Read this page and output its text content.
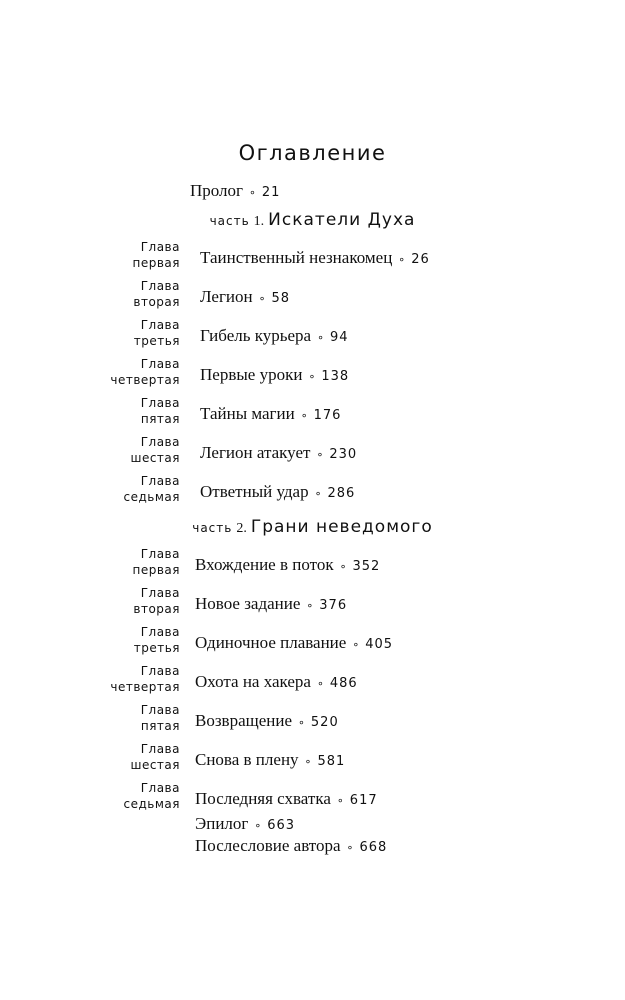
Оглавление
Пролог ∘ 21
часть 1. Искатели Духа
Глава
первая Таинственный незнакомец ∘ 26
Глава
вторая Легион ∘ 58
Глава
третья Гибель курьера ∘ 94
Глава
четвертая Первые уроки ∘ 138
Глава
пятая Тайны магии ∘ 176
Глава
шестая Легион атакует ∘ 230
Глава
седьмая Ответный удар ∘ 286
часть 2. Грани неведомого
Глава
первая Вхождение в поток ∘ 352
Глава
вторая Новое задание ∘ 376
Глава
третья Одиночное плавание ∘ 405
Глава
четвертая Охота на хакера ∘ 486
Глава
пятая Возвращение ∘ 520
Глава
шестая Снова в плену ∘ 581
Глава
седьмая Последняя схватка ∘ 617
Эпилог ∘ 663
Послесловие автора ∘ 668
